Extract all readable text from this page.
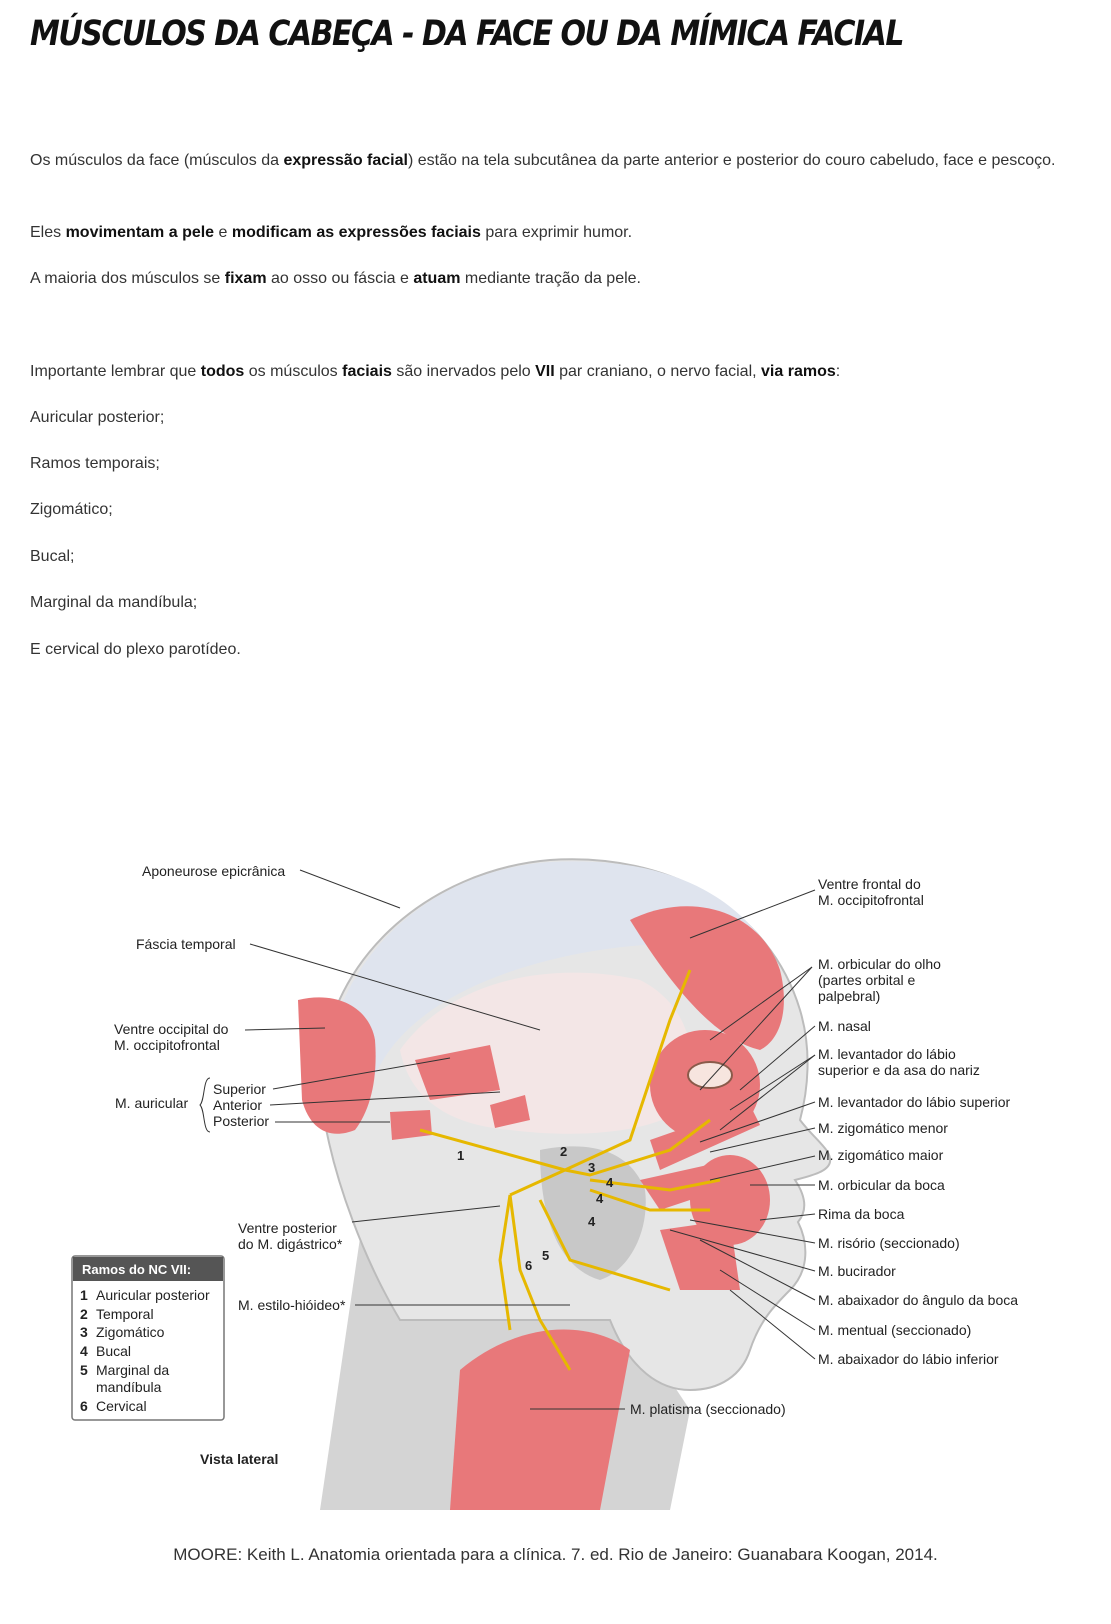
MÚSCULOS DA CABEÇA - DA FACE OU DA MÍMICA FACIAL

Os músculos da face (músculos da expressão facial) estão na tela subcutânea da parte anterior e posterior do couro cabeludo, face e pescoço.

Eles movimentam a pele e modificam as expressões faciais para exprimir humor.

A maioria dos músculos se fixam ao osso ou fáscia e atuam mediante tração da pele.

Importante lembrar que todos os músculos faciais são inervados pelo VII par craniano, o nervo facial, via ramos:

Auricular posterior;

Ramos temporais;

Zigomático;

Bucal;

Marginal da mandíbula;

E cervical do plexo parotídeo.

1	2
3
4
4
4
5
6
Aponeurose epicrânica
Fáscia temporal
Ventre occipital do
M. occipitofrontal
M. auricular
Superior
Anterior
Posterior
Ventre posterior
do M. digástrico*
M. estilo-hióideo*
Ventre frontal do
M. occipitofrontal
M. orbicular do olho
(partes orbital e
palpebral)
M. nasal
M. levantador do lábio
superior e da asa do nariz
M. levantador do lábio superior
M. zigomático menor
M. zigomático maior
M. orbicular da boca
Rima da boca
M. risório (seccionado)
M. bucirador
M. abaixador do ângulo da boca
M. mentual (seccionado)
M. abaixador do lábio inferior
M. platisma (seccionado)
Ramos do NC VII:
1 Auricular posterior
2 Temporal
3 Zigomático
4 Bucal
5 Marginal da
mandíbula
6 Cervical
Vista lateral

MOORE: Keith L. Anatomia orientada para a clínica. 7. ed. Rio de Janeiro: Guanabara Koogan, 2014.
